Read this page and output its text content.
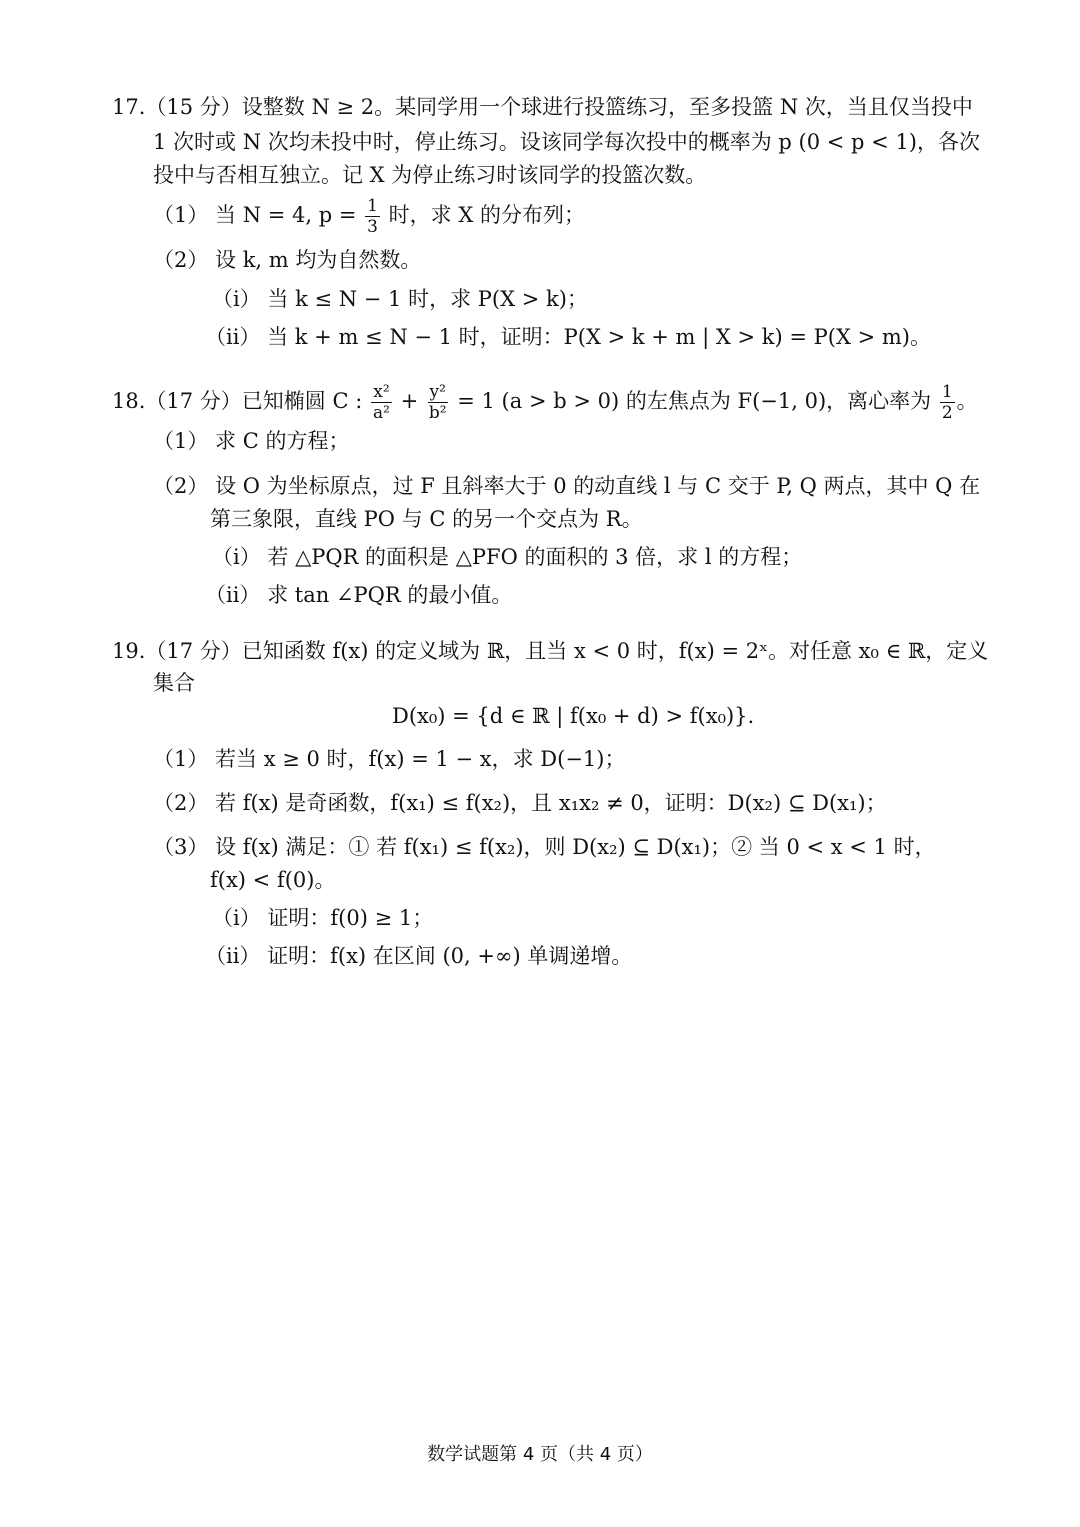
17.（15 分）设整数 N ≥ 2。某同学用一个球进行投篮练习，至多投篮 N 次，当且仅当投中
1 次时或 N 次均未投中时，停止练习。设该同学每次投中的概率为 p (0 < p < 1)，各次
投中与否相互独立。记 X 为停止练习时该同学的投篮次数。
（1） 当 N = 4, $p = \frac{1}{3}$ 时，求 X 的分布列；
（2） 设 k, m 均为自然数。
（i） 当 k ≤ N − 1 时，求 P(X > k)；
（ii） 当 k + m ≤ N − 1 时，证明：P(X > k + m | X > k) = P(X > m)。
18.（17 分）已知椭圆 C : $\frac{\text{x²}}{\text{a²}} + \frac{\text{y²}}{\text{b²}} = 1$ (a > b > 0) 的左焦点为 F(−1, 0)，离心率为 $\frac{1}{2}$ 。
（1） 求 C 的方程；
（2） 设 O 为坐标原点，过 F 且斜率大于 0 的动直线 l 与 C 交于 P, Q 两点，其中 Q 在
第三象限，直线 PO 与 C 的另一个交点为 R。
（i） 若 △PQR 的面积是 △PFO 的面积的 3 倍，求 l 的方程；
（ii） 求 tan ∠PQR 的最小值。
19.（17 分）已知函数 f(x) 的定义域为 ℝ，且当 x < 0 时，f(x) = 2ˣ。对任意 x₀ ∈ ℝ，定义
集合
D(x₀) = {d ∈ ℝ | f(x₀ + d) > f(x₀)}.
（1） 若当 x ≥ 0 时，f(x) = 1 − x，求 D(−1)；
（2） 若 f(x) 是奇函数，f(x₁) ≤ f(x₂)，且 x₁x₂ ≠ 0，证明：D(x₂) ⊆ D(x₁)；
（3） 设 f(x) 满足：① 若 f(x₁) ≤ f(x₂)，则 D(x₂) ⊆ D(x₁)；② 当 0 < x < 1 时，
f(x) < f(0)。
（i） 证明：f(0) ≥ 1；
（ii） 证明：f(x) 在区间 (0, +∞) 单调递增。
数学试题第 4 页（共 4 页）
